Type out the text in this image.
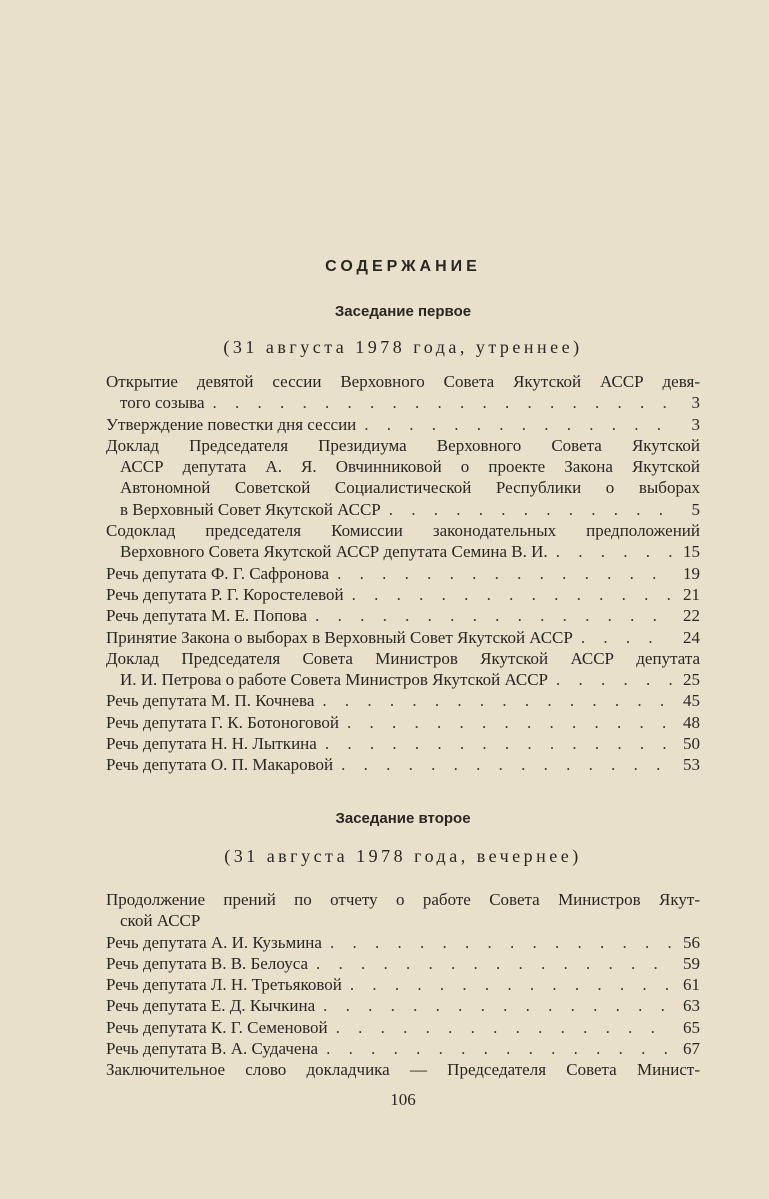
СОДЕРЖАНИЕ
Заседание первое
(31 августа 1978 года, утреннее)
Открытие девятой сессии Верховного Совета Якутской АССР девя-
того созыва . . .	3
Утверждение повестки дня сессии . . .	3
Доклад Председателя Президиума Верховного Совета Якутской
АССР депутата А. Я. Овчинниковой о проекте Закона Якутской
Автономной Советской Социалистической Республики о выборах
в Верховный Совет Якутской АССР . . .	5
Содоклад председателя Комиссии законодательных предположений
Верховного Совета Якутской АССР депутата Семина В. И. . . .	15
Речь депутата Ф. Г. Сафронова . . .	19
Речь депутата Р. Г. Коростелевой . . .	21
Речь депутата М. Е. Попова . . .	22
Принятие Закона о выборах в Верховный Совет Якутской АССР . . .	24
Доклад Председателя Совета Министров Якутской АССР депутата
И. И. Петрова о работе Совета Министров Якутской АССР . . .	25
Речь депутата М. П. Кочнева . . .	45
Речь депутата Г. К. Ботоноговой . . .	48
Речь депутата Н. Н. Лыткина . . .	50
Речь депутата О. П. Макаровой . . .	53
Заседание второе
(31 августа 1978 года, вечернее)
Продолжение прений по отчету о работе Совета Министров Якут-
ской АССР
Речь депутата А. И. Кузьмина . . .	56
Речь депутата В. В. Белоуса . . .	59
Речь депутата Л. Н. Третьяковой . . .	61
Речь депутата Е. Д. Кычкина . . .	63
Речь депутата К. Г. Семеновой . . .	65
Речь депутата В. А. Судачена . . .	67
Заключительное слово докладчика — Председателя Совета Минист-
106
